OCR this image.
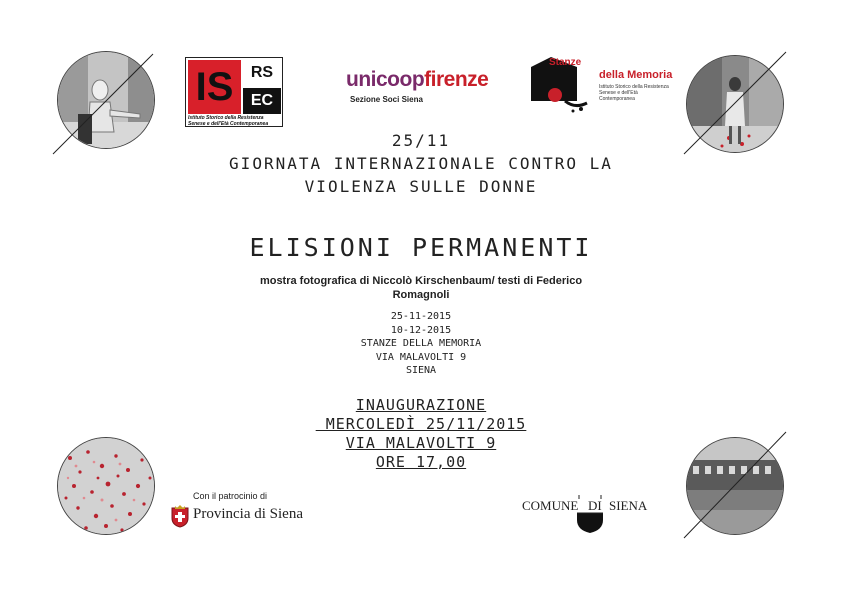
IS	RS
EC
Istituto Storico della Resistenza Senese e dell'Età Contemporanea
unicoopfirenze
Sezione Soci Siena
Stanze
della Memoria
Istituto Storico della Resistenza Senese e dell'Età Contemporanea
25/11
GIORNATA INTERNAZIONALE CONTRO LA
VIOLENZA SULLE DONNE
ELISIONI PERMANENTI
mostra fotografica di Niccolò Kirschenbaum/ testi di Federico
Romagnoli
25-11-2015
10-12-2015
STANZE DELLA MEMORIA
VIA MALAVOLTI 9
SIENA
INAUGURAZIONE
MERCOLEDÌ 25/11/2015
VIA MALAVOLTI 9
ORE 17,00
Con il patrocinio di
Provincia di Siena
COMUNE DI SIENA
